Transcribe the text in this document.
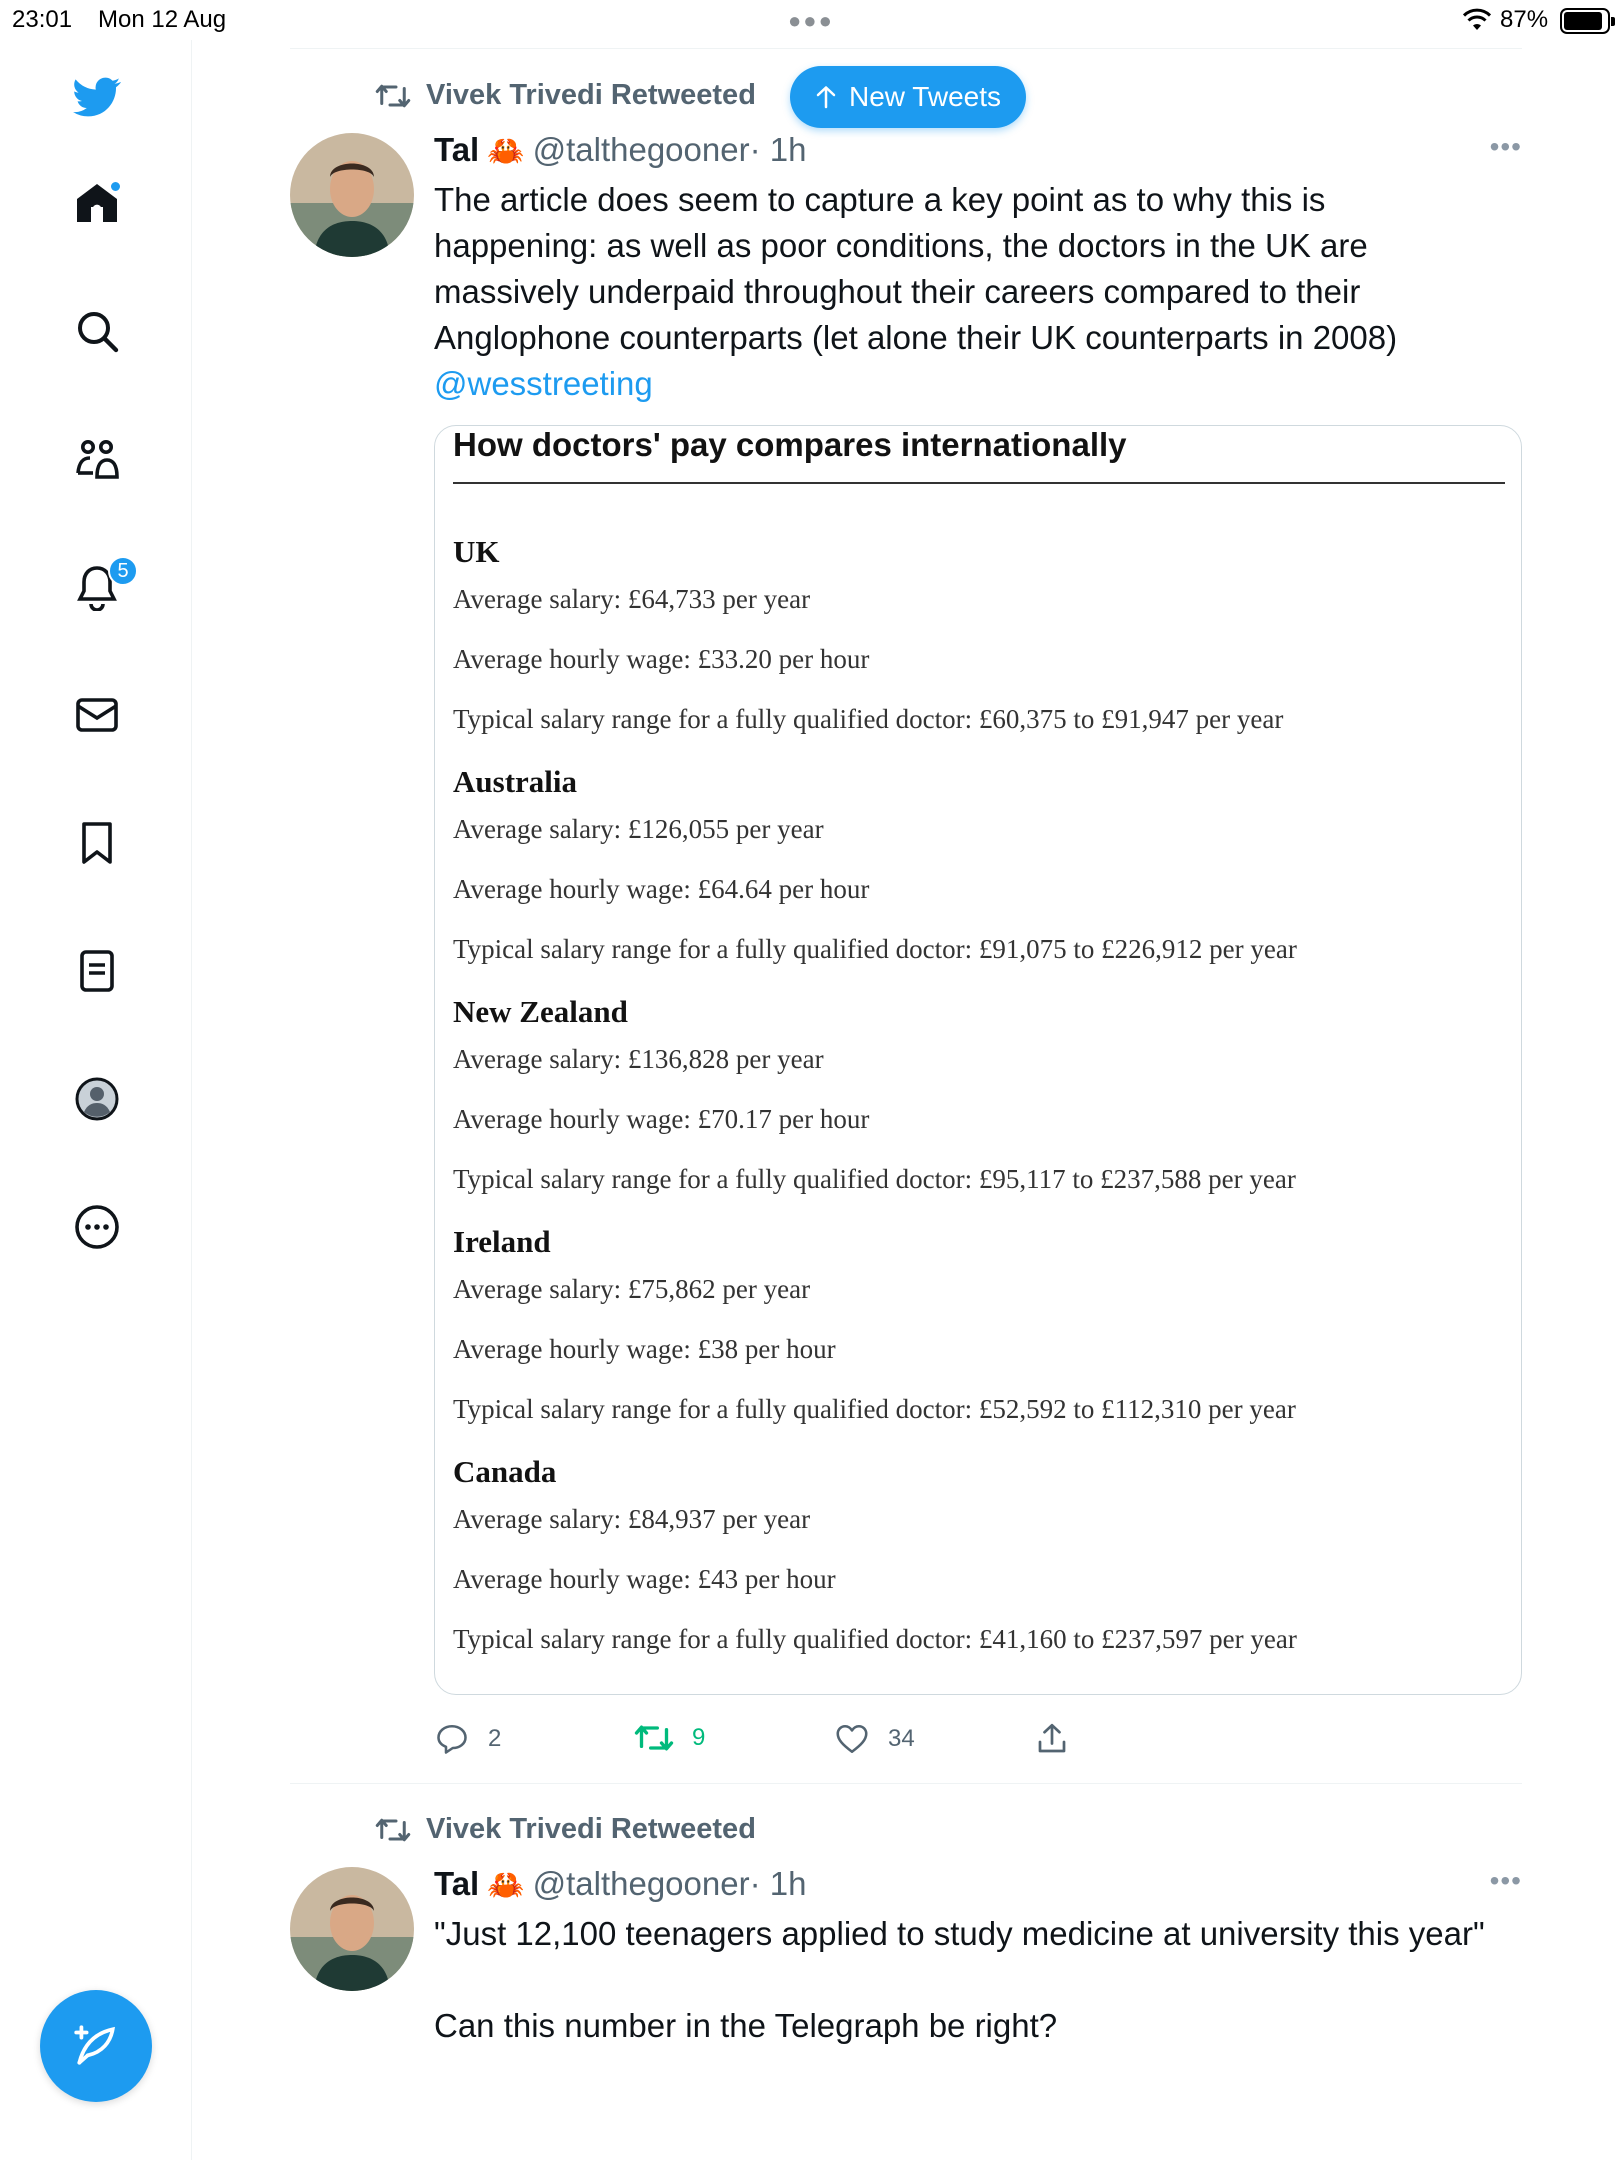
23:01 Mon 12 Aug	●●●	87%
5
New Tweets
Vivek Trivedi Retweeted
Tal 🦀 @talthegooner · 1h	•••
The article does seem to capture a key point as to why this is happening: as well as poor conditions, the doctors in the UK are massively underpaid throughout their careers compared to their Anglophone counterparts (let alone their UK counterparts in 2008)
@wesstreeting
How doctors' pay compares internationally
UK

Average salary: £64,733 per year

Average hourly wage: £33.20 per hour

Typical salary range for a fully qualified doctor: £60,375 to £91,947 per year

Australia

Average salary: £126,055 per year

Average hourly wage: £64.64 per hour

Typical salary range for a fully qualified doctor: £91,075 to £226,912 per year

New Zealand

Average salary: £136,828 per year

Average hourly wage: £70.17 per hour

Typical salary range for a fully qualified doctor: £95,117 to £237,588 per year

Ireland

Average salary: £75,862 per year

Average hourly wage: £38 per hour

Typical salary range for a fully qualified doctor: £52,592 to £112,310 per year

Canada

Average salary: £84,937 per year

Average hourly wage: £43 per hour

Typical salary range for a fully qualified doctor: £41,160 to £237,597 per year

2	9	34
Vivek Trivedi Retweeted
Tal 🦀 @talthegooner · 1h	•••
"Just 12,100 teenagers applied to study medicine at university this year"
Can this number in the Telegraph be right?
